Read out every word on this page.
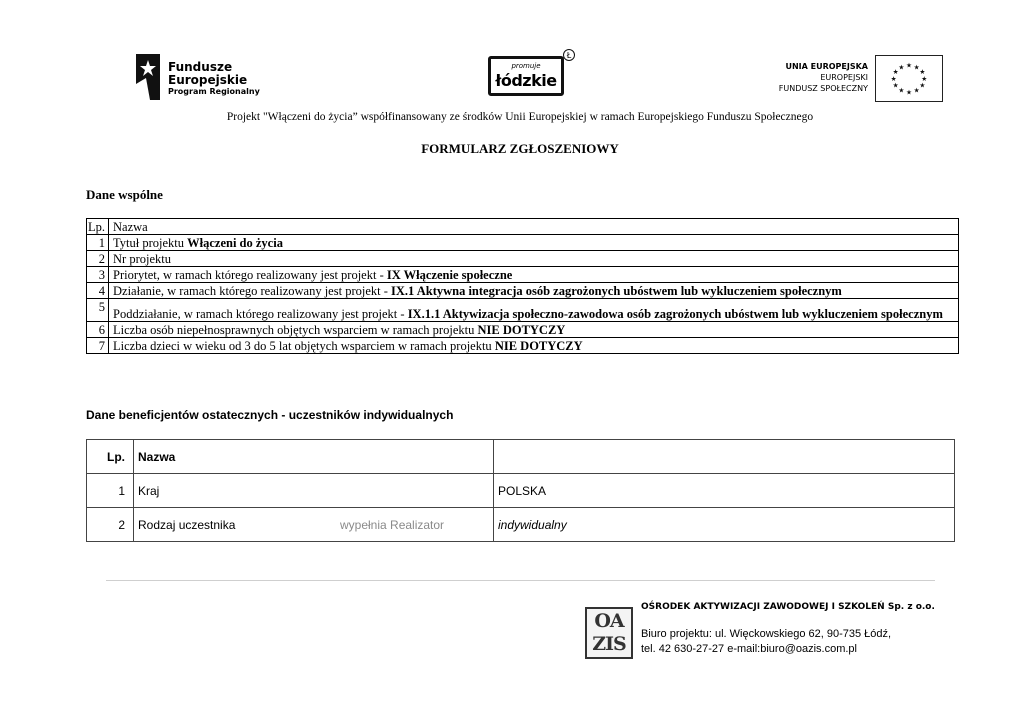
Fundusze
Europejskie
Program Regionalny
promuje
łódzkie
Ł
UNIA EUROPEJSKA
EUROPEJSKI
FUNDUSZ SPOŁECZNY
★ ★
★
★
★
★
★
★
★
★
★
★
Projekt "Włączeni do życia” współfinansowany ze środków Unii Europejskiej w ramach Europejskiego Funduszu Społecznego
FORMULARZ ZGŁOSZENIOWY
Dane wspólne
Lp.	Nazwa
1	Tytuł projektu Włączeni do życia
2	Nr projektu
3	Priorytet, w ramach którego realizowany jest projekt - IX Włączenie społeczne
4	Działanie, w ramach którego realizowany jest projekt - IX.1 Aktywna integracja osób zagrożonych ubóstwem lub wykluczeniem społecznym
5	Poddziałanie, w ramach którego realizowany jest projekt - IX.1.1 Aktywizacja społeczno-zawodowa osób zagrożonych ubóstwem lub wykluczeniem społecznym
6	Liczba osób niepełnosprawnych objętych wsparciem w ramach projektu NIE DOTYCZY
7	Liczba dzieci w wieku od 3 do 5 lat objętych wsparciem w ramach projektu NIE DOTYCZY
Dane beneficjentów ostatecznych - uczestników indywidualnych
Lp.	Nazwa	
1	Kraj	POLSKA
2	Rodzaj uczestnika wypełnia Realizator	indywidualny
OA
ZIS
OŚRODEK AKTYWIZACJI ZAWODOWEJ I SZKOLEŃ Sp. z o.o.
Biuro projektu: ul. Więckowskiego 62, 90-735 Łódź,
tel. 42 630-27-27 e-mail:biuro@oazis.com.pl
